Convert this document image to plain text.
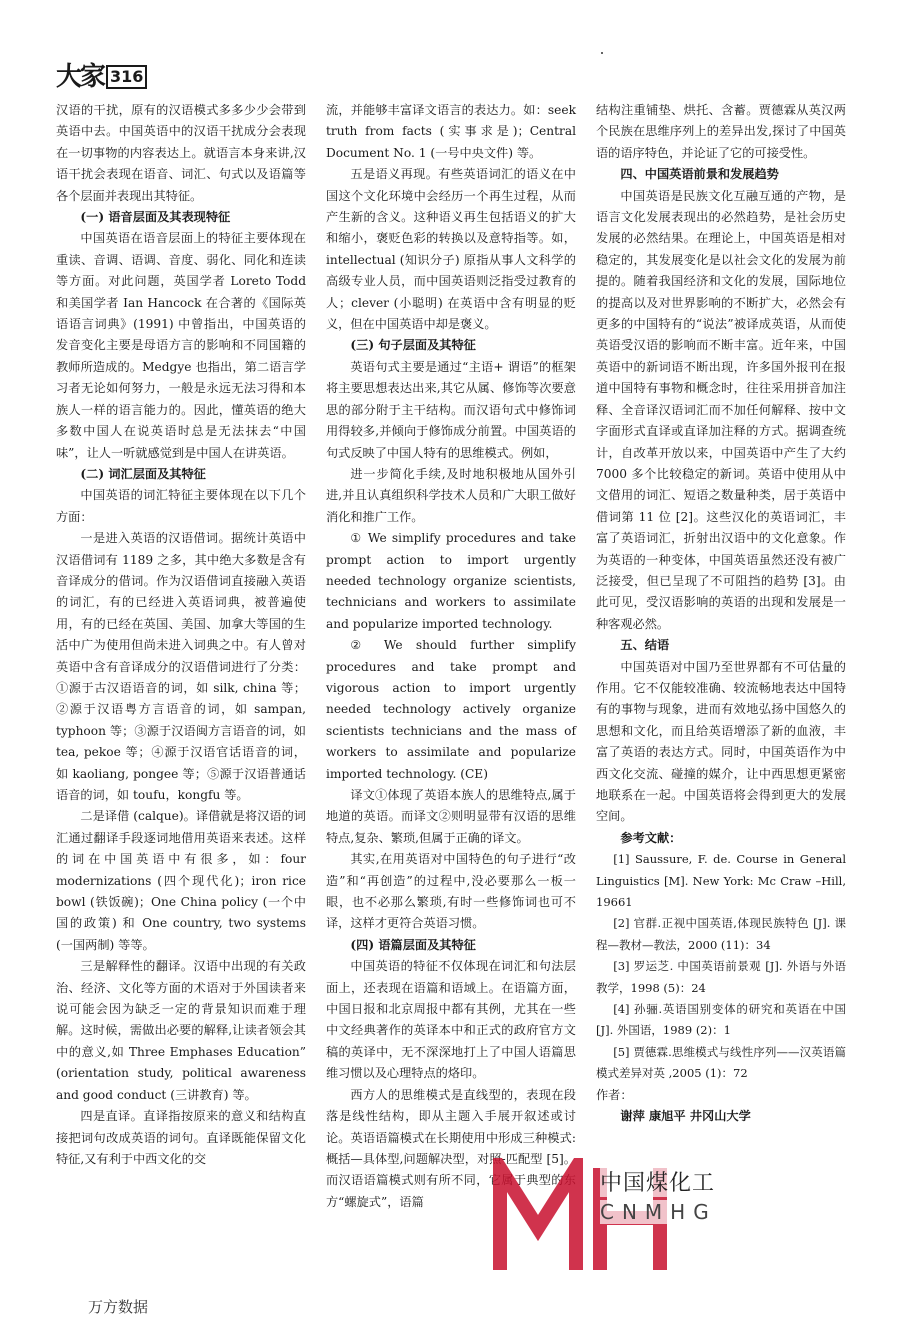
大家 316

汉语的干扰，原有的汉语模式多多少少会带到英语中去。中国英语中的汉语干扰成分会表现在一切事物的内容表达上。就语言本身来讲,汉语干扰会表现在语音、词汇、句式以及语篇等各个层面并表现出其特征。

(一) 语音层面及其表现特征

中国英语在语音层面上的特征主要体现在重读、音调、语调、音度、弱化、同化和连读等方面。对此问题，英国学者 Loreto Todd 和美国学者 Ian Hancock 在合著的《国际英语语言词典》(1991) 中曾指出，中国英语的发音变化主要是母语方言的影响和不同国籍的教师所造成的。Medgye 也指出，第二语言学习者无论如何努力，一般是永远无法习得和本族人一样的语言能力的。因此，懂英语的绝大多数中国人在说英语时总是无法抹去“中国味”，让人一听就感觉到是中国人在讲英语。

(二) 词汇层面及其特征

中国英语的词汇特征主要体现在以下几个方面：

一是进入英语的汉语借词。据统计英语中汉语借词有 1189 之多，其中绝大多数是含有音译成分的借词。作为汉语借词直接融入英语的词汇，有的已经进入英语词典，被普遍使用，有的已经在英国、美国、加拿大等国的生活中广为使用但尚未进入词典之中。有人曾对英语中含有音译成分的汉语借词进行了分类：①源于古汉语语音的词，如 silk, china 等；②源于汉语粤方言语音的词，如 sampan, typhoon 等；③源于汉语闽方言语音的词，如 tea, pekoe 等；④源于汉语官话语音的词，如 kaoliang, pongee 等；⑤源于汉语普通话语音的词，如 toufu，kongfu 等。

二是译借 (calque)。译借就是将汉语的词汇通过翻译手段逐词地借用英语来表述。这样的词在中国英语中有很多，如：four modernizations (四个现代化)；iron rice bowl (铁饭碗)；One China policy (一个中国的政策) 和 One country, two systems (一国两制) 等等。

三是解释性的翻译。汉语中出现的有关政治、经济、文化等方面的术语对于外国读者来说可能会因为缺乏一定的背景知识而难于理解。这时候，需做出必要的解释,让读者领会其中的意义,如 Three Emphases Education” (orientation study, political awareness and good conduct (三讲教育) 等。

四是直译。直译指按原来的意义和结构直接把词句改成英语的词句。直译既能保留文化特征,又有利于中西文化的交

流，并能够丰富译文语言的表达力。如：seek truth from facts (实事求是)；Central Document No. 1 (一号中央文件) 等。

五是语义再现。有些英语词汇的语义在中国这个文化环境中会经历一个再生过程，从而产生新的含义。这种语义再生包括语义的扩大和缩小，褒贬色彩的转换以及意特指等。如，intellectual (知识分子) 原指从事人文科学的高级专业人员，而中国英语则泛指受过教育的人；clever (小聪明) 在英语中含有明显的贬义，但在中国英语中却是褒义。

(三) 句子层面及其特征

英语句式主要是通过“主语+ 谓语”的框架将主要思想表达出来,其它从属、修饰等次要意思的部分附于主干结构。而汉语句式中修饰词用得较多,并倾向于修饰成分前置。中国英语的句式反映了中国人特有的思维模式。例如，

进一步简化手续,及时地积极地从国外引进,并且认真组织科学技术人员和广大职工做好消化和推广工作。

① We simplify procedures and take prompt action to import urgently needed technology organize scientists, technicians and workers to assimilate and popularize imported technology.

② We should further simplify procedures and take prompt and vigorous action to import urgently needed technology actively organize scientists technicians and the mass of workers to assimilate and popularize imported technology. (CE)

译文①体现了英语本族人的思维特点,属于地道的英语。而译文②则明显带有汉语的思维特点,复杂、繁琐,但属于正确的译文。

其实,在用英语对中国特色的句子进行“改造”和“再创造”的过程中,没必要那么一板一眼，也不必那么繁琐,有时一些修饰词也可不译，这样才更符合英语习惯。

(四) 语篇层面及其特征

中国英语的特征不仅体现在词汇和句法层面上，还表现在语篇和语域上。在语篇方面，中国日报和北京周报中都有其例，尤其在一些中文经典著作的英译本中和正式的政府官方文稿的英译中，无不深深地打上了中国人语篇思维习惯以及心理特点的烙印。

西方人的思维模式是直线型的，表现在段落是线性结构，即从主题入手展开叙述或讨论。英语语篇模式在长期使用中形成三种模式:概括—具体型,问题解决型，对照-匹配型 [5]。而汉语语篇模式则有所不同，它属于典型的东方“螺旋式”，语篇

结构注重铺垫、烘托、含蓄。贾德霖从英汉两个民族在思维序列上的差异出发,探讨了中国英语的语序特色，并论证了它的可接受性。

四、中国英语前景和发展趋势

中国英语是民族文化互融互通的产物，是语言文化发展表现出的必然趋势，是社会历史发展的必然结果。在理论上，中国英语是相对稳定的，其发展变化是以社会文化的发展为前提的。随着我国经济和文化的发展，国际地位的提高以及对世界影响的不断扩大，必然会有更多的中国特有的“说法”被译成英语，从而使英语受汉语的影响而不断丰富。近年来，中国英语中的新词语不断出现，许多国外报刊在报道中国特有事物和概念时，往往采用拼音加注释、全音译汉语词汇而不加任何解释、按中文字面形式直译或直译加注释的方式。据调查统计，自改革开放以来，中国英语中产生了大约 7000 多个比较稳定的新词。英语中使用从中文借用的词汇、短语之数量种类，居于英语中借词第 11 位 [2]。这些汉化的英语词汇，丰富了英语词汇，折射出汉语中的文化意象。作为英语的一种变体，中国英语虽然还没有被广泛接受，但已呈现了不可阻挡的趋势 [3]。由此可见，受汉语影响的英语的出现和发展是一种客观必然。

五、结语

中国英语对中国乃至世界都有不可估量的作用。它不仅能较准确、较流畅地表达中国特有的事物与现象，进而有效地弘扬中国悠久的思想和文化，而且给英语增添了新的血液，丰富了英语的表达方式。同时，中国英语作为中西文化交流、碰撞的媒介，让中西思想更紧密地联系在一起。中国英语将会得到更大的发展空间。

参考文献：

[1] Saussure, F. de. Course in General Linguistics [M]. New York: Mc Craw –Hill, 19661

[2] 官群.正视中国英语,体现民族特色 [J]. 课程—教材—教法，2000 (11)：34

[3] 罗运芝. 中国英语前景观 [J]. 外语与外语教学，1998 (5)：24

[4] 孙骊.英语国别变体的研究和英语在中国 [J]. 外国语，1989 (2)：1

[5] 贾德霖.思维模式与线性序列——汉英语篇模式差异对英 ,2005 (1)：72

作者：

谢萍 康旭平 井冈山大学

中国煤化工
CNMHG
万方数据
